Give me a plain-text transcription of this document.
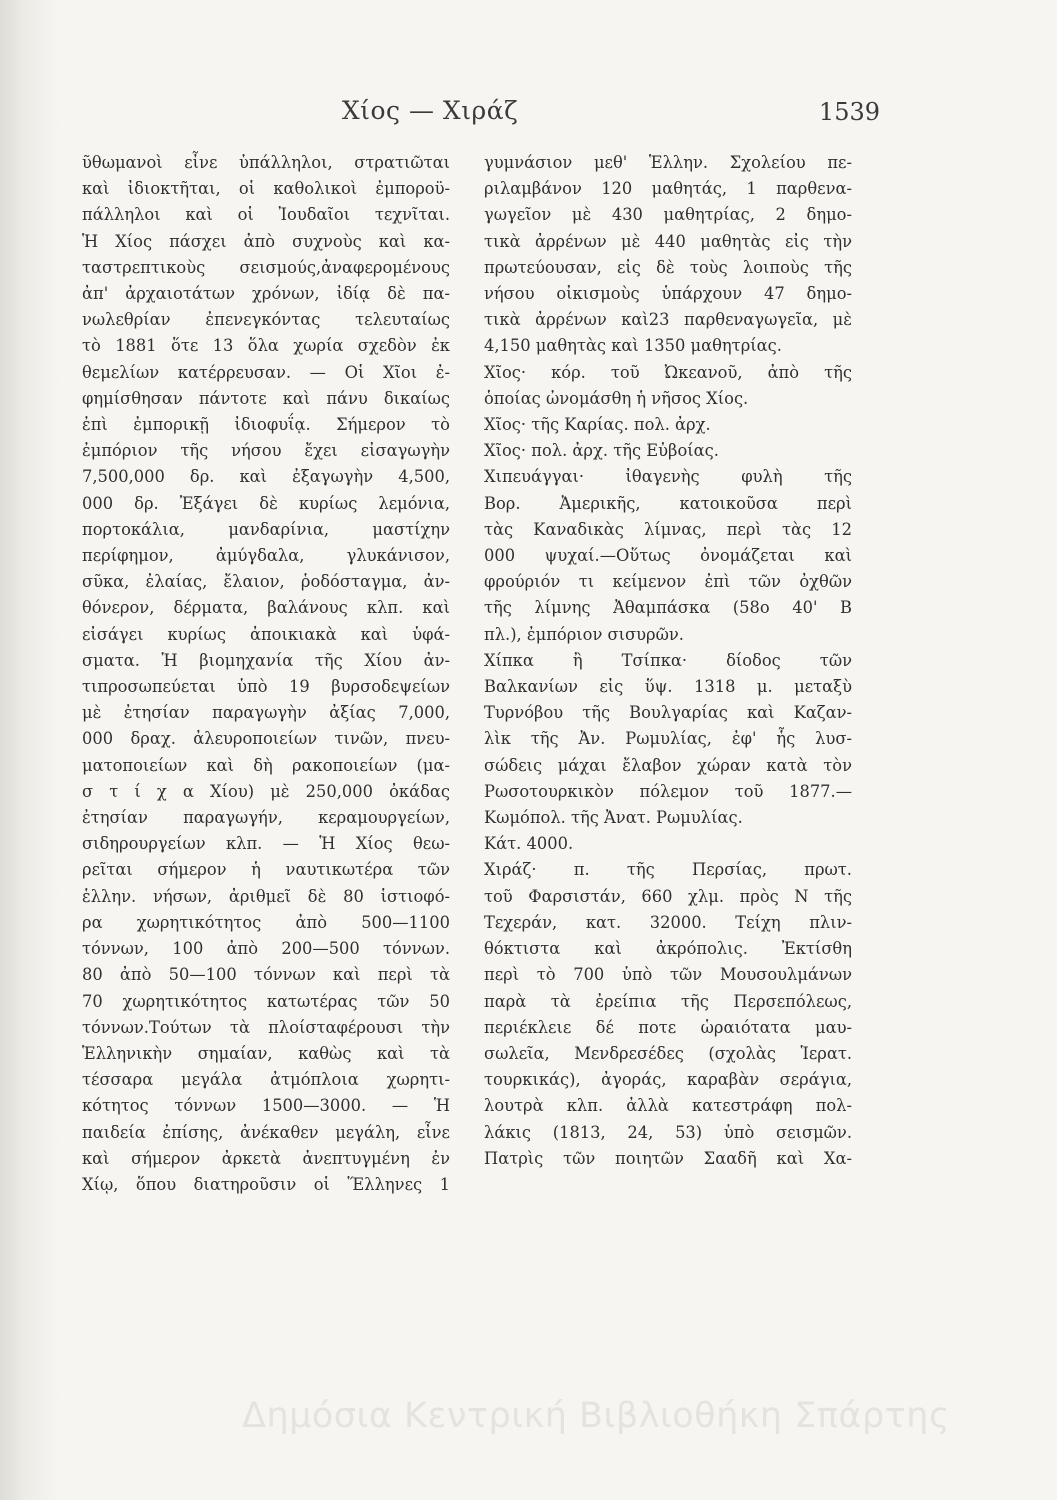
Χίος — Χιράζ	1539
ῦθωμανοὶ εἶνε ὑπάλληλοι, στρατιῶται
καὶ ἰδιοκτῆται, οἱ καθολικοὶ ἐμποροϋ-
πάλληλοι καὶ οἱ Ἰουδαῖοι τεχνῖται.
Ἡ Χίος πάσχει ἀπὸ συχνοὺς καὶ κα-
ταστρεπτικοὺς σεισμούς,ἀναφερομένους
ἀπ' ἀρχαιοτάτων χρόνων, ἰδίᾳ δὲ πα-
νωλεθρίαν ἐπενεγκόντας τελευταίως
τὸ 1881 ὅτε 13 ὅλα χωρία σχεδὸν ἐκ
θεμελίων κατέρρευσαν. — Οἱ Χῖοι ἐ-
φημίσθησαν πάντοτε καὶ πάνυ δικαίως
ἐπὶ ἐμπορικῇ ἰδιοφυΐᾳ. Σήμερον τὸ
ἐμπόριον τῆς νήσου ἔχει εἰσαγωγὴν
7,500,000 δρ. καὶ ἐξαγωγὴν 4,500,
000 δρ. Ἐξάγει δὲ κυρίως λεμόνια,
πορτοκάλια, μανδαρίνια, μαστίχην
περίφημον, ἀμύγδαλα, γλυκάνισον,
σῦκα, ἐλαίας, ἔλαιον, ῥοδόσταγμα, ἀν-
θόνερον, δέρματα, βαλάνους κλπ. καὶ
εἰσάγει κυρίως ἀποικιακὰ καὶ ὑφά-
σματα. Ἡ βιομηχανία τῆς Χίου ἀν-
τιπροσωπεύεται ὑπὸ 19 βυρσοδεψείων
μὲ ἐτησίαν παραγωγὴν ἀξίας 7,000,
000 δραχ. ἀλευροποιείων τινῶν, πνευ-
ματοποιείων καὶ δὴ ρακοποιείων (μα-
σ τ ί χ α Χίου) μὲ 250,000 ὀκάδας
ἐτησίαν παραγωγήν, κεραμουργείων,
σιδηρουργείων κλπ. — Ἡ Χίος θεω-
ρεῖται σήμερον ἡ ναυτικωτέρα τῶν
ἑλλην. νήσων, ἀριθμεῖ δὲ 80 ἱστιοφό-
ρα χωρητικότητος ἀπὸ 500—1100
τόννων, 100 ἀπὸ 200—500 τόννων.
80 ἀπὸ 50—100 τόννων καὶ περὶ τὰ
70 χωρητικότητος κατωτέρας τῶν 50
τόννων.Τούτων τὰ πλοίσταφέρουσι τὴν
Ἑλληνικὴν σημαίαν, καθὼς καὶ τὰ
τέσσαρα μεγάλα ἀτμόπλοια χωρητι-
κότητος τόννων 1500—3000. — Ἡ
παιδεία ἐπίσης, ἀνέκαθεν μεγάλη, εἶνε
καὶ σήμερον ἀρκετὰ ἀνεπτυγμένη ἐν
Χίῳ, ὅπου διατηροῦσιν οἱ Ἕλληνες 1
γυμνάσιον μεθ' Ἑλλην. Σχολείου πε-
ριλαμβάνον 120 μαθητάς, 1 παρθενα-
γωγεῖον μὲ 430 μαθητρίας, 2 δημο-
τικὰ ἀρρένων μὲ 440 μαθητὰς εἰς τὴν
πρωτεύουσαν, εἰς δὲ τοὺς λοιποὺς τῆς
νήσου οἰκισμοὺς ὑπάρχουν 47 δημο-
τικὰ ἀρρένων καὶ23 παρθεναγωγεῖα, μὲ
4,150 μαθητὰς καὶ 1350 μαθητρίας.
Χῖος· κόρ. τοῦ Ὠκεανοῦ, ἀπὸ τῆς
ὁποίας ὠνομάσθη ἡ νῆσος Χίος.
Χῖος· τῆς Καρίας. πολ. ἀρχ.
Χῖος· πολ. ἀρχ. τῆς Εὐβοίας.
Χιπευάγγαι· ἰθαγενὴς φυλὴ τῆς
Βορ. Ἀμερικῆς, κατοικοῦσα περὶ
τὰς Καναδικὰς λίμνας, περὶ τὰς 12
000 ψυχαί.—Οὕτως ὀνομάζεται καὶ
φρούριόν τι κείμενον ἐπὶ τῶν ὀχθῶν
τῆς λίμνης Ἀθαμπάσκα (58ο 40' Β
πλ.), ἐμπόριον σισυρῶν.
Χίπκα ἢ Τσίπκα· δίοδος τῶν
Βαλκανίων εἰς ὕψ. 1318 μ. μεταξὺ
Τυρνόβου τῆς Βουλγαρίας καὶ Καζαν-
λὶκ τῆς Ἀν. Ρωμυλίας, ἐφ' ἧς λυσ-
σώδεις μάχαι ἔλαβον χώραν κατὰ τὸν
Ρωσοτουρκικὸν πόλεμον τοῦ 1877.—
Κωμόπολ. τῆς Ἀνατ. Ρωμυλίας.
Κάτ. 4000.
Χιράζ· π. τῆς Περσίας, πρωτ.
τοῦ Φαρσιστάν, 660 χλμ. πρὸς Ν τῆς
Τεχεράν, κατ. 32000. Τείχη πλιν-
θόκτιστα καὶ ἀκρόπολις. Ἐκτίσθη
περὶ τὸ 700 ὑπὸ τῶν Μουσουλμάνων
παρὰ τὰ ἐρείπια τῆς Περσεπόλεως,
περιέκλειε δέ ποτε ὡραιότατα μαυ-
σωλεῖα, Μενδρεσέδες (σχολὰς Ἱερατ.
τουρκικάς), ἀγοράς, καραβὰν σεράγια,
λουτρὰ κλπ. ἀλλὰ κατεστράφη πολ-
λάκις (1813, 24, 53) ὑπὸ σεισμῶν.
Πατρὶς τῶν ποιητῶν Σααδῆ καὶ Χα-
Δημόσια Κεντρική Βιβλιοθήκη Σπάρτης
